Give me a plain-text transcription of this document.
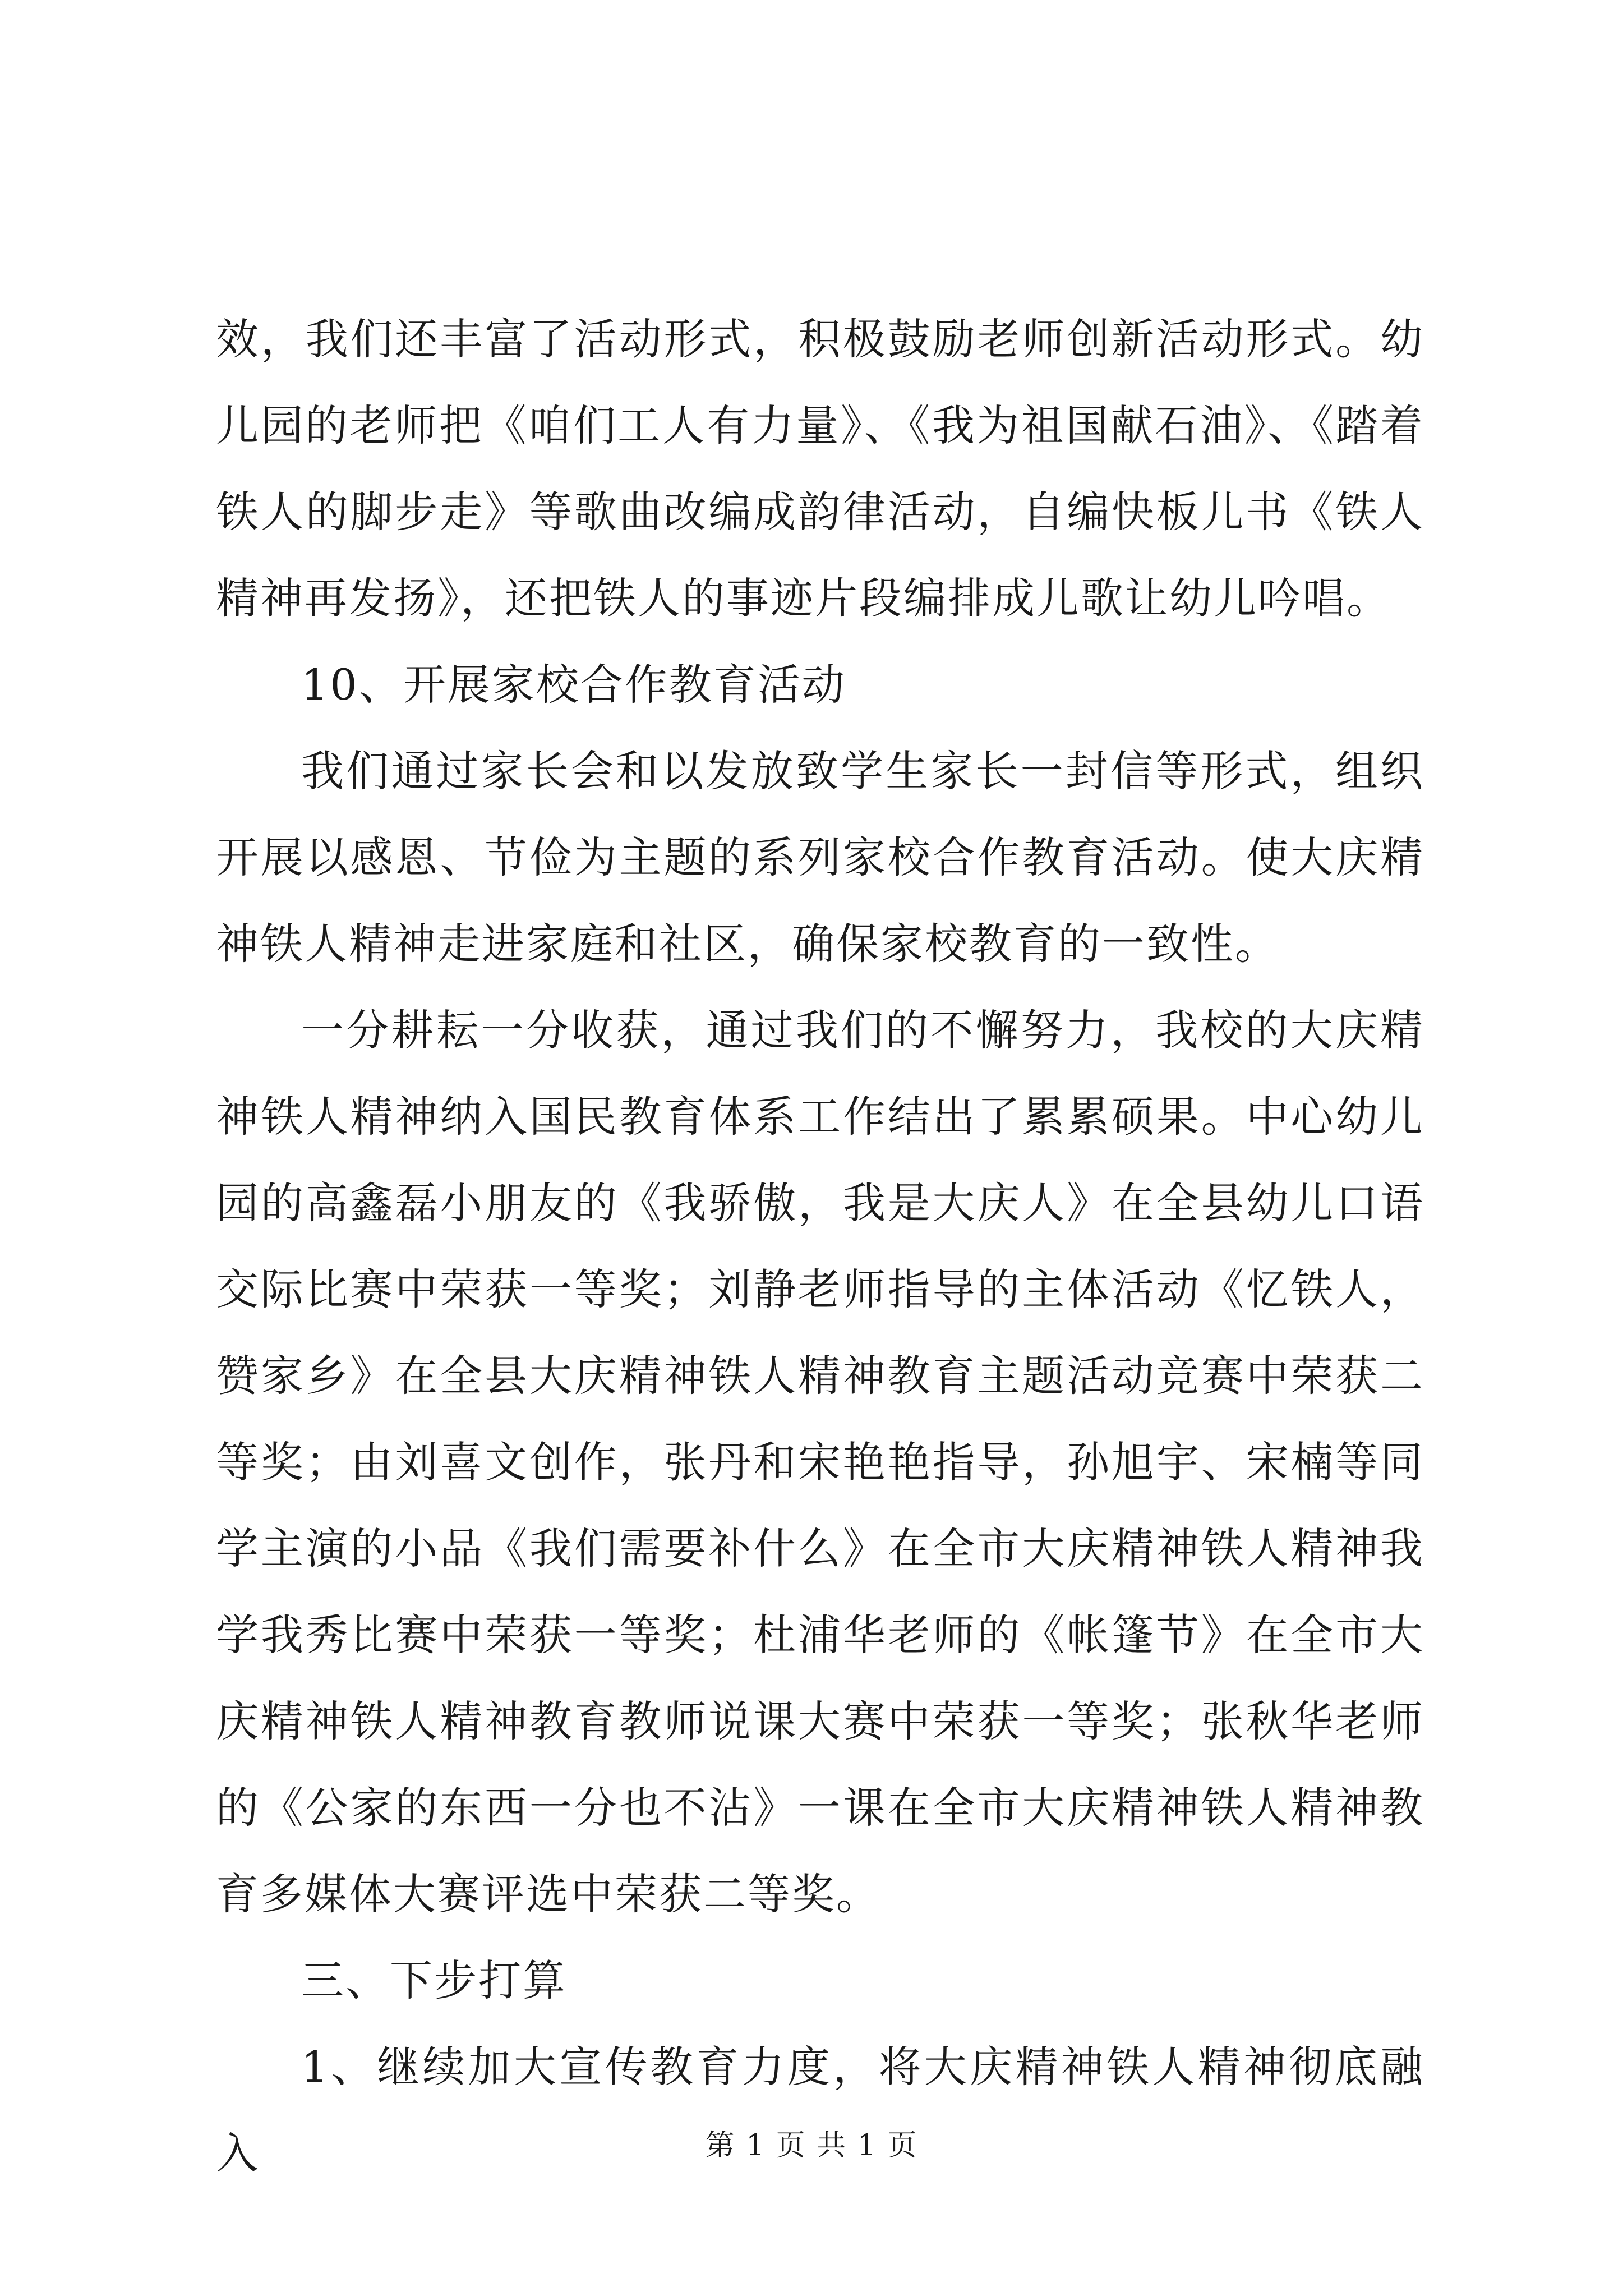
效，我们还丰富了活动形式，积极鼓励老师创新活动形式。幼儿园的老师把《咱们工人有力量》、《我为祖国献石油》、《踏着铁人的脚步走》等歌曲改编成韵律活动，自编快板儿书《铁人精神再发扬》，还把铁人的事迹片段编排成儿歌让幼儿吟唱。

10、开展家校合作教育活动

我们通过家长会和以发放致学生家长一封信等形式，组织开展以感恩、节俭为主题的系列家校合作教育活动。使大庆精神铁人精神走进家庭和社区，确保家校教育的一致性。

一分耕耘一分收获，通过我们的不懈努力，我校的大庆精神铁人精神纳入国民教育体系工作结出了累累硕果。中心幼儿园的高鑫磊小朋友的《我骄傲，我是大庆人》在全县幼儿口语交际比赛中荣获一等奖；刘静老师指导的主体活动《忆铁人，赞家乡》在全县大庆精神铁人精神教育主题活动竞赛中荣获二等奖；由刘喜文创作，张丹和宋艳艳指导，孙旭宇、宋楠等同学主演的小品《我们需要补什么》在全市大庆精神铁人精神我学我秀比赛中荣获一等奖；杜浦华老师的《帐篷节》在全市大庆精神铁人精神教育教师说课大赛中荣获一等奖；张秋华老师的《公家的东西一分也不沾》一课在全市大庆精神铁人精神教育多媒体大赛评选中荣获二等奖。

三、下步打算

1、继续加大宣传教育力度，将大庆精神铁人精神彻底融入	第 1 页 共 1 页
